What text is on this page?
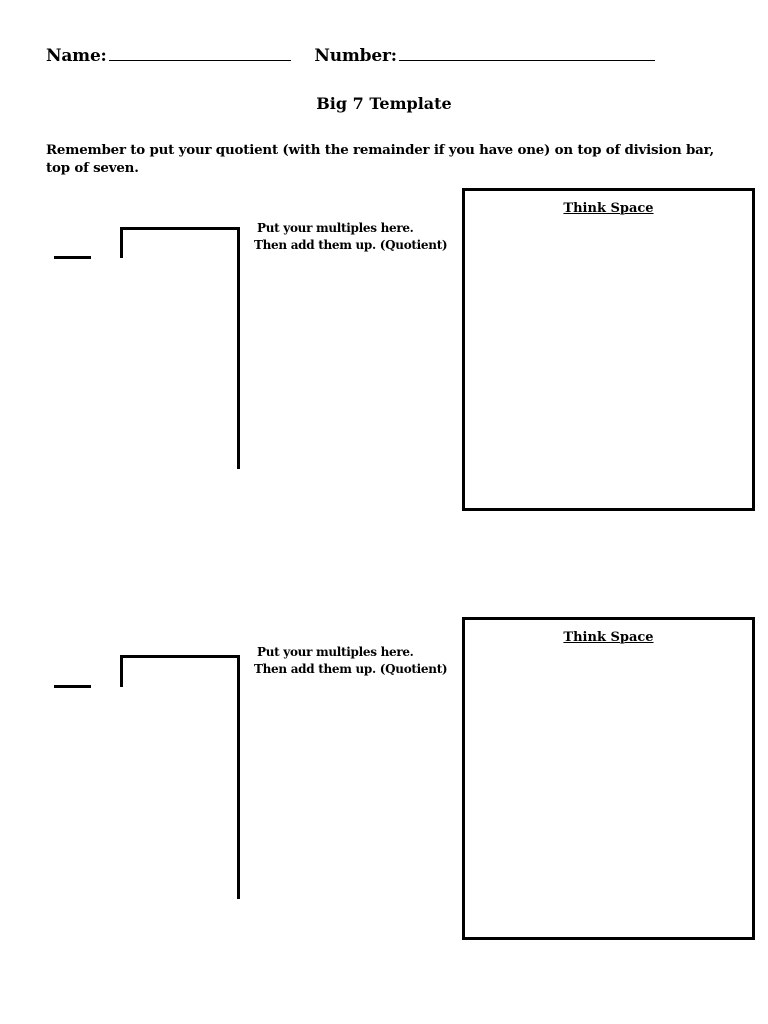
Name:	Number:
Big 7 Template
Remember to put your quotient (with the remainder if you have one) on top of division bar, top of seven.
Put your multiples here.
Then add them up. (Quotient)
Think Space
Put your multiples here.
Then add them up. (Quotient)
Think Space
